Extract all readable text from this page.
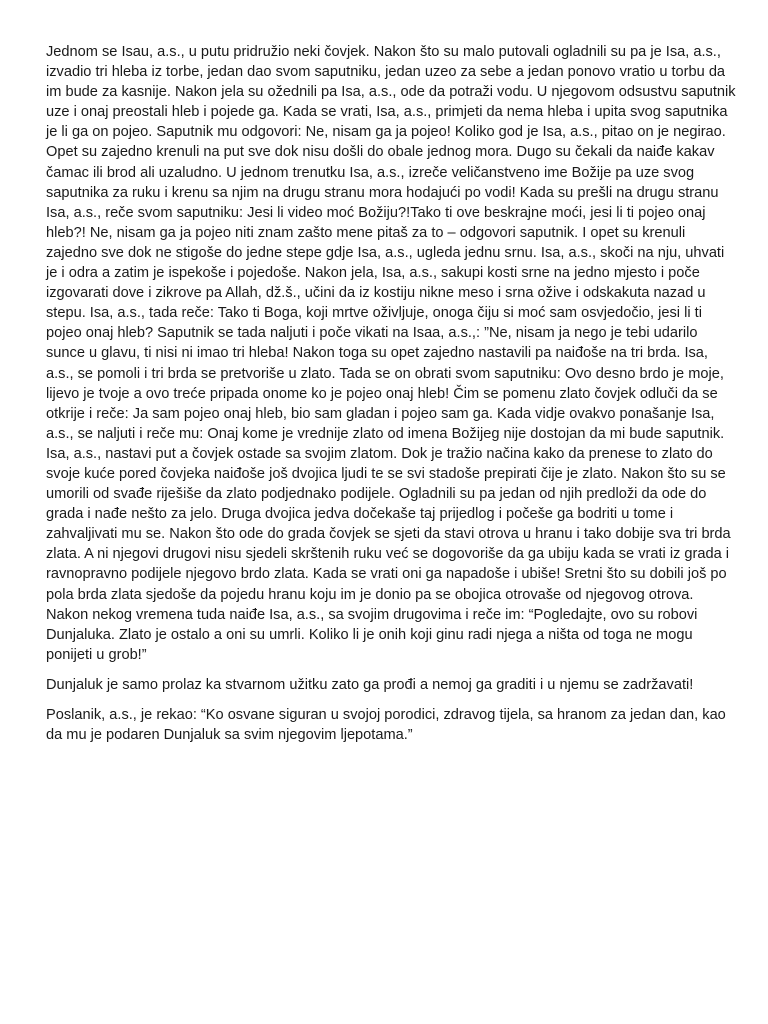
Jednom se Isau, a.s., u putu pridružio neki čovjek. Nakon što su malo putovali ogladnili su pa je Isa, a.s., izvadio tri hleba iz torbe, jedan dao svom saputniku, jedan uzeo za sebe a jedan ponovo vratio u torbu da im bude za kasnije. Nakon jela su ožednili pa Isa, a.s., ode da potraži vodu. U njegovom odsustvu saputnik uze i onaj preostali hleb i pojede ga. Kada se vrati, Isa, a.s., primjeti da nema hleba i upita svog saputnika je li ga on pojeo. Saputnik mu odgovori: Ne, nisam ga ja pojeo! Koliko god je Isa, a.s., pitao on je negirao. Opet su zajedno krenuli na put sve dok nisu došli do obale jednog mora. Dugo su čekali da naiđe kakav čamac ili brod ali uzaludno. U jednom trenutku Isa, a.s., izreče veličanstveno ime Božije pa uze svog saputnika za ruku i krenu sa njim na drugu stranu mora hodajući po vodi! Kada su prešli na drugu stranu Isa, a.s., reče svom saputniku: Jesi li video moć Božiju?!Tako ti ove beskrajne moći, jesi li ti pojeo onaj hleb?! Ne, nisam ga ja pojeo niti znam zašto mene pitaš za to – odgovori saputnik. I opet su krenuli zajedno sve dok ne stigoše do jedne stepe gdje Isa, a.s., ugleda jednu srnu. Isa, a.s., skoči na nju, uhvati je i odra a zatim je ispekoše i pojedoše. Nakon jela, Isa, a.s., sakupi kosti srne na jedno mjesto i poče izgovarati dove i zikrove pa Allah, dž.š., učini da iz kostiju nikne meso i srna ožive i odskakuta nazad u stepu. Isa, a.s., tada reče: Tako ti Boga, koji mrtve oživljuje, onoga čiju si moć sam osvjedočio, jesi li ti pojeo onaj hleb? Saputnik se tada naljuti i poče vikati na Isaa, a.s.,: ”Ne, nisam ja nego je tebi udarilo sunce u glavu, ti nisi ni imao tri hleba! Nakon toga su opet zajedno nastavili pa naiđoše na tri brda. Isa, a.s., se pomoli i tri brda se pretvoriše u zlato. Tada se on obrati svom saputniku: Ovo desno brdo je moje, lijevo je tvoje a ovo treće pripada onome ko je pojeo onaj hleb! Čim se pomenu zlato čovjek odluči da se otkrije i reče: Ja sam pojeo onaj hleb, bio sam gladan i pojeo sam ga. Kada vidje ovakvo ponašanje Isa, a.s., se naljuti i reče mu: Onaj kome je vrednije zlato od imena Božijeg nije dostojan da mi bude saputnik. Isa, a.s., nastavi put a čovjek ostade sa svojim zlatom. Dok je tražio načina kako da prenese to zlato do svoje kuće pored čovjeka naiđoše još dvojica ljudi te se svi stadoše prepirati čije je zlato. Nakon što su se umorili od svađe riješiše da zlato podjednako podijele. Ogladnili su pa jedan od njih predloži da ode do grada i nađe nešto za jelo. Druga dvojica jedva dočekaše taj prijedlog i počeše ga bodriti u tome i zahvaljivati mu se. Nakon što ode do grada čovjek se sjeti da stavi otrova u hranu i tako dobije sva tri brda zlata. A ni njegovi drugovi nisu sjedeli skrštenih ruku već se dogovoriše da ga ubiju kada se vrati iz grada i ravnopravno podijele njegovo brdo zlata. Kada se vrati oni ga napadoše i ubiše! Sretni što su dobili još po pola brda zlata sjedoše da pojedu hranu koju im je donio pa se obojica otrovaše od njegovog otrova. Nakon nekog vremena tuda naiđe Isa, a.s., sa svojim drugovima i reče im: “Pogledajte, ovo su robovi Dunjaluka. Zlato je ostalo a oni su umrli. Koliko li je onih koji ginu radi njega a ništa od toga ne mogu ponijeti u grob!”

Dunjaluk je samo prolaz ka stvarnom užitku zato ga prođi a nemoj ga graditi i u njemu se zadržavati!

Poslanik, a.s., je rekao: “Ko osvane siguran u svojoj porodici, zdravog tijela, sa hranom za jedan dan, kao da mu je podaren Dunjaluk sa svim njegovim ljepotama.”
